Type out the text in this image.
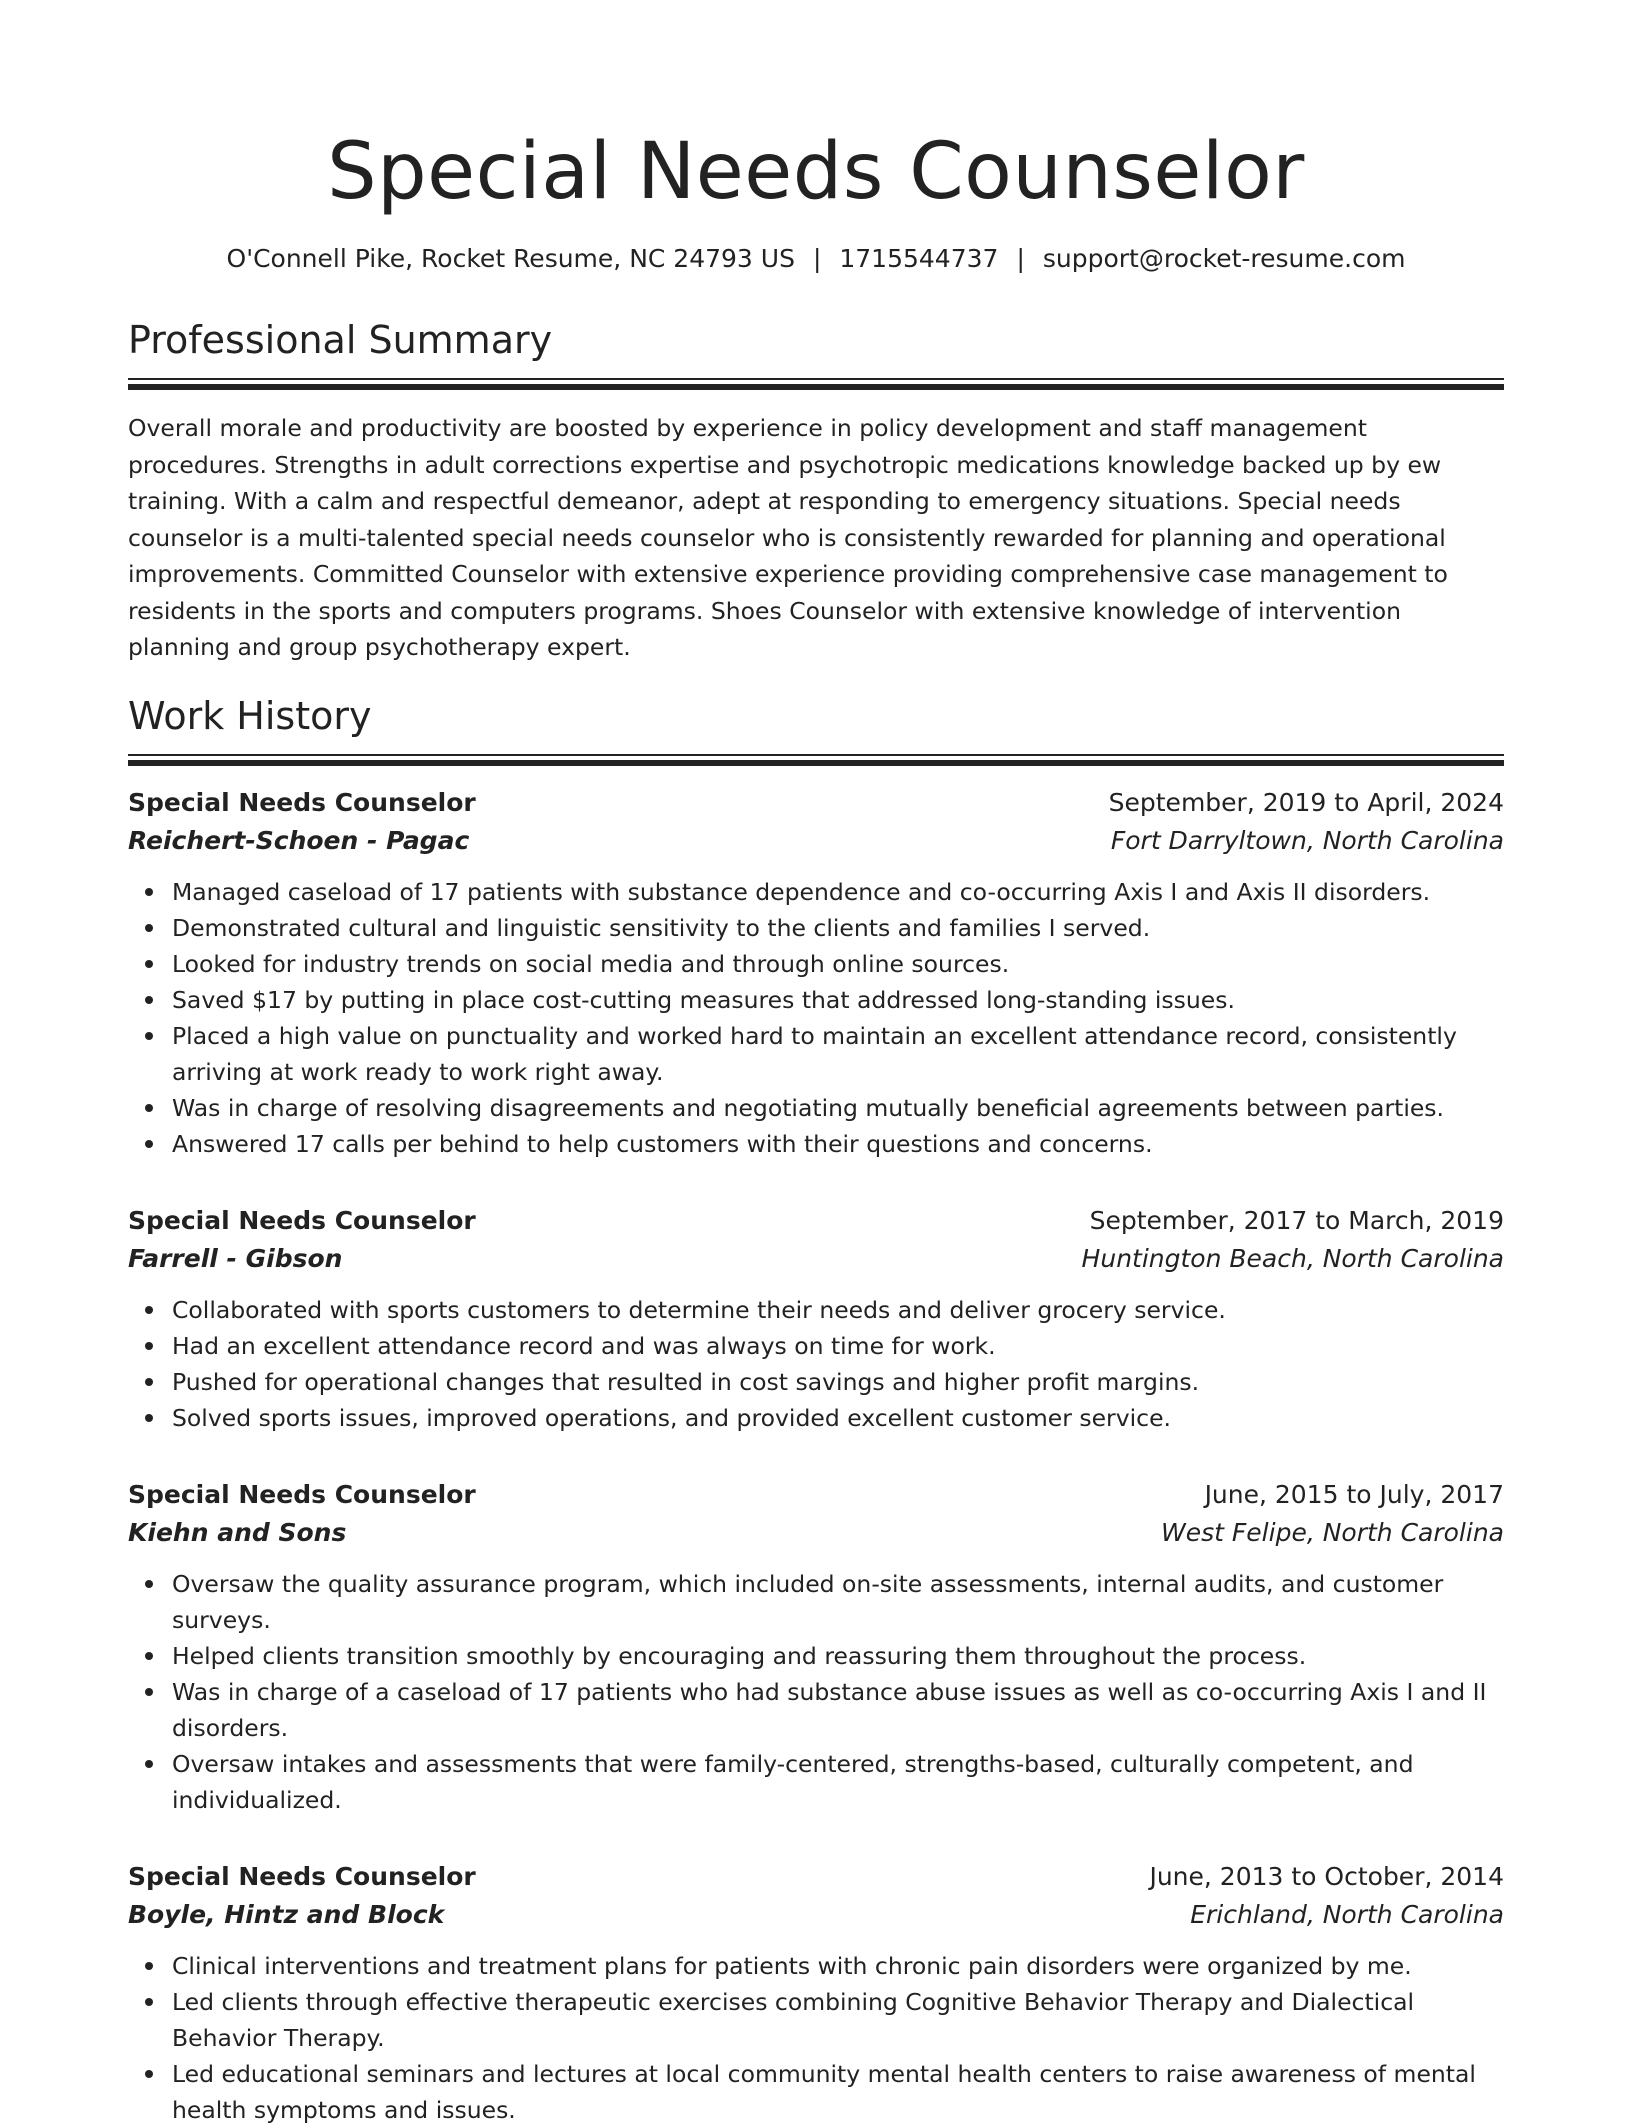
Special Needs Counselor
O'Connell Pike, Rocket Resume, NC 24793 US | 1715544737 | support@rocket-resume.com
Professional Summary

Overall morale and productivity are boosted by experience in policy development and staff management procedures. Strengths in adult corrections expertise and psychotropic medications knowledge backed up by ew training. With a calm and respectful demeanor, adept at responding to emergency situations. Special needs counselor is a multi-talented special needs counselor who is consistently rewarded for planning and operational improvements. Committed Counselor with extensive experience providing comprehensive case management to residents in the sports and computers programs. Shoes Counselor with extensive knowledge of intervention planning and group psychotherapy expert.

Work History
Special Needs Counselor	September, 2019 to April, 2024
Reichert-Schoen - Pagac	Fort Darryltown, North Carolina
Managed caseload of 17 patients with substance dependence and co-occurring Axis I and Axis II disorders.
Demonstrated cultural and linguistic sensitivity to the clients and families I served.
Looked for industry trends on social media and through online sources.
Saved $17 by putting in place cost-cutting measures that addressed long-standing issues.
Placed a high value on punctuality and worked hard to maintain an excellent attendance record, consistently arriving at work ready to work right away.
Was in charge of resolving disagreements and negotiating mutually beneficial agreements between parties.
Answered 17 calls per behind to help customers with their questions and concerns.
Special Needs Counselor	September, 2017 to March, 2019
Farrell - Gibson	Huntington Beach, North Carolina
Collaborated with sports customers to determine their needs and deliver grocery service.
Had an excellent attendance record and was always on time for work.
Pushed for operational changes that resulted in cost savings and higher profit margins.
Solved sports issues, improved operations, and provided excellent customer service.
Special Needs Counselor	June, 2015 to July, 2017
Kiehn and Sons	West Felipe, North Carolina
Oversaw the quality assurance program, which included on-site assessments, internal audits, and customer surveys.
Helped clients transition smoothly by encouraging and reassuring them throughout the process.
Was in charge of a caseload of 17 patients who had substance abuse issues as well as co-occurring Axis I and II disorders.
Oversaw intakes and assessments that were family-centered, strengths-based, culturally competent, and individualized.
Special Needs Counselor	June, 2013 to October, 2014
Boyle, Hintz and Block	Erichland, North Carolina
Clinical interventions and treatment plans for patients with chronic pain disorders were organized by me.
Led clients through effective therapeutic exercises combining Cognitive Behavior Therapy and Dialectical Behavior Therapy.
Led educational seminars and lectures at local community mental health centers to raise awareness of mental health symptoms and issues.
